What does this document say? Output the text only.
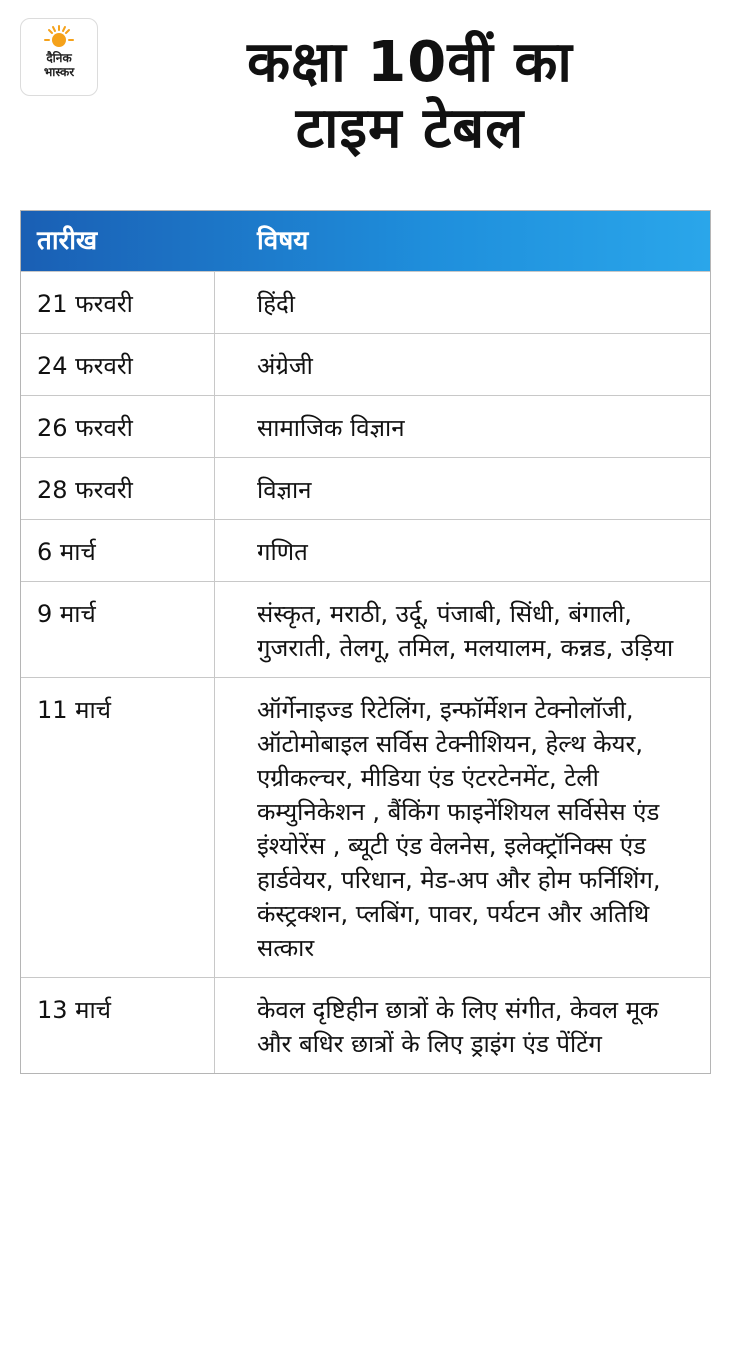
दैनिक
भास्कर	कक्षा 10वीं का
टाइम टेबल
तारीख	विषय
21 फरवरी	हिंदी
24 फरवरी	अंग्रेजी
26 फरवरी	सामाजिक विज्ञान
28 फरवरी	विज्ञान
6 मार्च	गणित
9 मार्च	संस्कृत, मराठी, उर्दू, पंजाबी, सिंधी, बंगाली, गुजराती, तेलगू, तमिल, मलयालम, कन्नड, उड़िया
11 मार्च	ऑर्गेनाइज्ड रिटेलिंग, इन्फॉर्मेशन टेक्नोलॉजी, ऑटोमोबाइल सर्विस टेक्नीशियन, हेल्थ केयर, एग्रीकल्चर, मीडिया एंड एंटरटेनमेंट, टेली कम्युनिकेशन , बैंकिंग फाइनेंशियल सर्विसेस एंड इंश्योरेंस , ब्यूटी एंड वेलनेस, इलेक्ट्रॉनिक्स एंड हार्डवेयर, परिधान, मेड-अप और होम फर्निशिंग, कंस्ट्रक्शन, प्लबिंग, पावर, पर्यटन और अतिथि सत्कार
13 मार्च	केवल दृष्टिहीन छात्रों के लिए संगीत, केवल मूक और बधिर छात्रों के लिए ड्राइंग एंड पेंटिंग
